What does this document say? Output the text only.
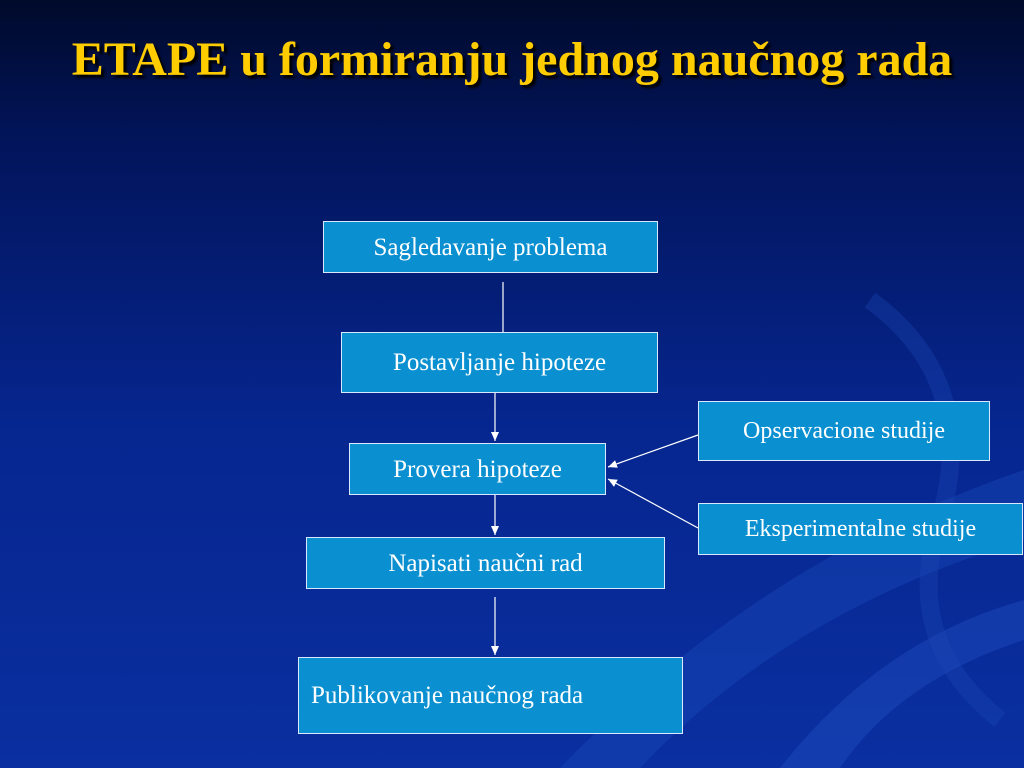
ETAPE u formiranju jednog naučnog rada
Sagledavanje problema
Postavljanje hipoteze
Provera hipoteze
Napisati naučni rad
Publikovanje naučnog rada
Opservacione studije
Eksperimentalne studije
